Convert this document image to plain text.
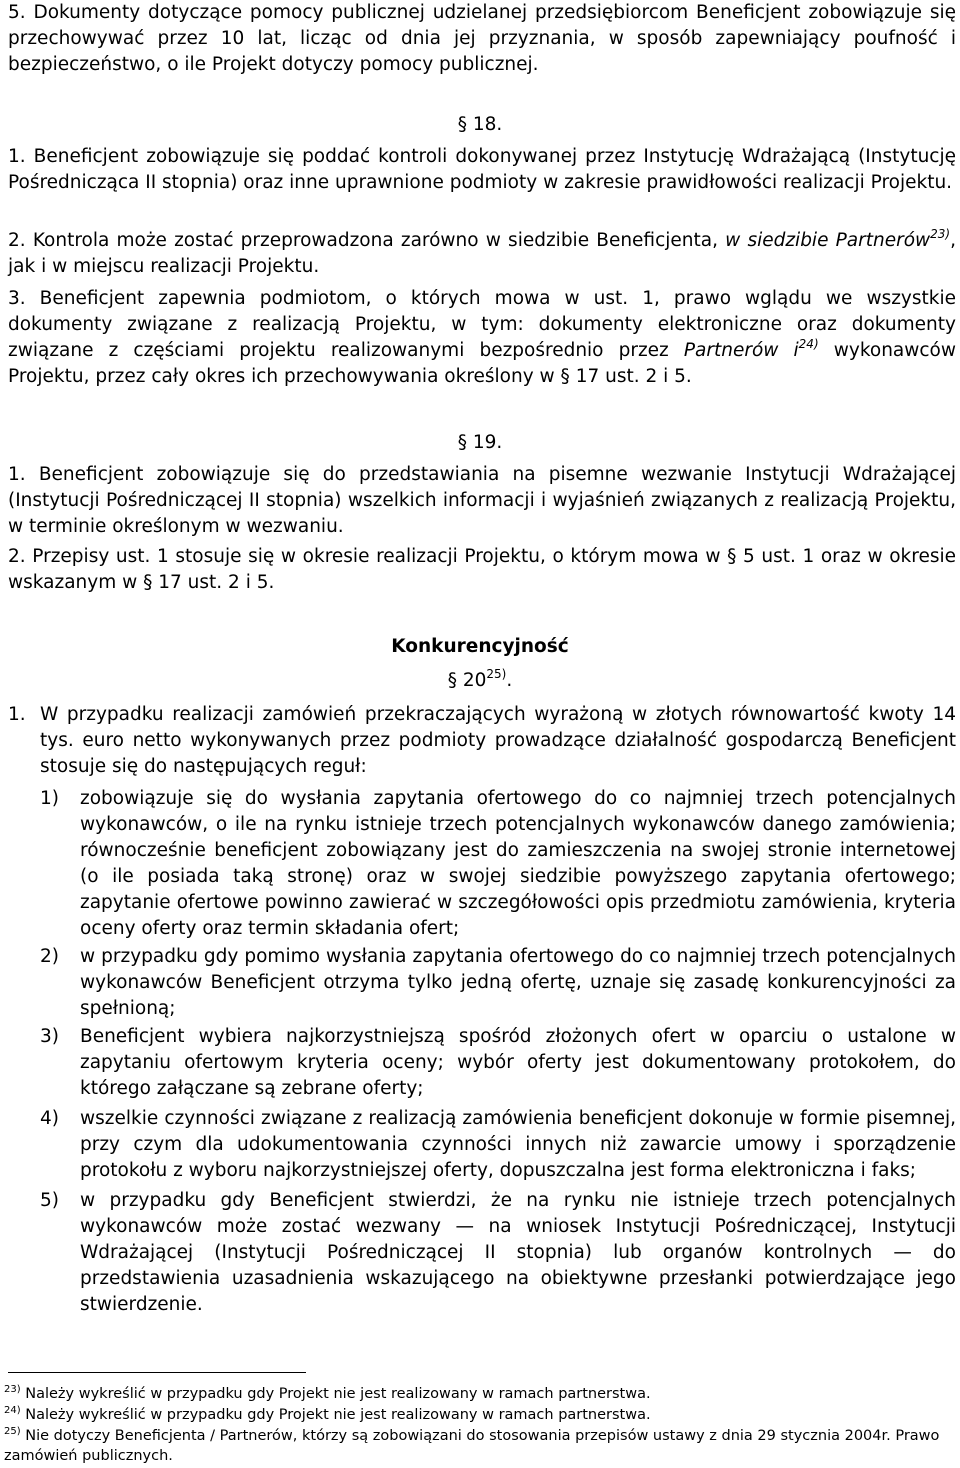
5. Dokumenty dotyczące pomocy publicznej udzielanej przedsiębiorcom Beneficjent zobowiązuje się przechowywać przez 10 lat, licząc od dnia jej przyznania, w sposób zapewniający poufność i bezpieczeństwo, o ile Projekt dotyczy pomocy publicznej.

§ 18.

1. Beneficjent zobowiązuje się poddać kontroli dokonywanej przez Instytucję Wdrażającą (Instytucję Pośrednicząca II stopnia) oraz inne uprawnione podmioty w zakresie prawidłowości realizacji Projektu.

2. Kontrola może zostać przeprowadzona zarówno w siedzibie Beneficjenta, w siedzibie Partnerów$^{23)}$, jak i w miejscu realizacji Projektu.

3. Beneficjent zapewnia podmiotom, o których mowa w ust. 1, prawo wglądu we wszystkie dokumenty związane z realizacją Projektu, w tym: dokumenty elektroniczne oraz dokumenty związane z częściami projektu realizowanymi bezpośrednio przez Partnerów $i^{24)}$ wykonawców Projektu, przez cały okres ich przechowywania określony w § 17 ust. 2 i 5.

§ 19.

1. Beneficjent zobowiązuje się do przedstawiania na pisemne wezwanie Instytucji Wdrażającej (Instytucji Pośredniczącej II stopnia) wszelkich informacji i wyjaśnień związanych z realizacją Projektu, w terminie określonym w wezwaniu.

2. Przepisy ust. 1 stosuje się w okresie realizacji Projektu, o którym mowa w § 5 ust. 1 oraz w okresie wskazanym w § 17 ust. 2 i 5.

Konkurencyjność

§ 20$^{25)}$.

1. W przypadku realizacji zamówień przekraczających wyrażoną w złotych równowartość kwoty 14 tys. euro netto wykonywanych przez podmioty prowadzące działalność gospodarczą Beneficjent stosuje się do następujących reguł:
1) zobowiązuje się do wysłania zapytania ofertowego do co najmniej trzech potencjalnych wykonawców, o ile na rynku istnieje trzech potencjalnych wykonawców danego zamówienia; równocześnie beneficjent zobowiązany jest do zamieszczenia na swojej stronie internetowej (o ile posiada taką stronę) oraz w swojej siedzibie powyższego zapytania ofertowego; zapytanie ofertowe powinno zawierać w szczegółowości opis przedmiotu zamówienia, kryteria oceny oferty oraz termin składania ofert;
2) w przypadku gdy pomimo wysłania zapytania ofertowego do co najmniej trzech potencjalnych wykonawców Beneficjent otrzyma tylko jedną ofertę, uznaje się zasadę konkurencyjności za spełnioną;
3) Beneficjent wybiera najkorzystniejszą spośród złożonych ofert w oparciu o ustalone w zapytaniu ofertowym kryteria oceny; wybór oferty jest dokumentowany protokołem, do którego załączane są zebrane oferty;
4) wszelkie czynności związane z realizacją zamówienia beneficjent dokonuje w formie pisemnej, przy czym dla udokumentowania czynności innych niż zawarcie umowy i sporządzenie protokołu z wyboru najkorzystniejszej oferty, dopuszczalna jest forma elektroniczna i faks;
5) w przypadku gdy Beneficjent stwierdzi, że na rynku nie istnieje trzech potencjalnych wykonawców może zostać wezwany — na wniosek Instytucji Pośredniczącej, Instytucji Wdrażającej (Instytucji Pośredniczącej II stopnia) lub organów kontrolnych — do przedstawienia uzasadnienia wskazującego na obiektywne przesłanki potwierdzające jego stwierdzenie.

$^{23)}$ Należy wykreślić w przypadku gdy Projekt nie jest realizowany w ramach partnerstwa.

$^{24)}$ Należy wykreślić w przypadku gdy Projekt nie jest realizowany w ramach partnerstwa.

$^{25)}$ Nie dotyczy Beneficjenta / Partnerów, którzy są zobowiązani do stosowania przepisów ustawy z dnia 29 stycznia 2004r. Prawo zamówień publicznych.
